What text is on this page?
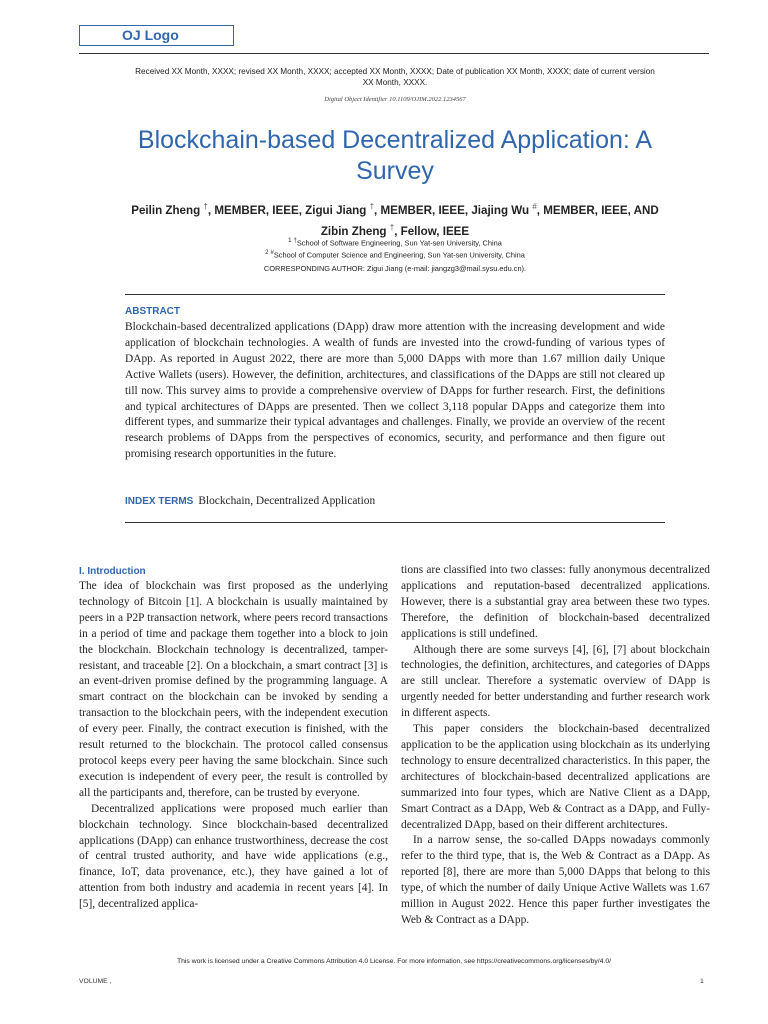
OJ Logo
Received XX Month, XXXX; revised XX Month, XXXX; accepted XX Month, XXXX; Date of publication XX Month, XXXX; date of current version XX Month, XXXX.
Digital Object Identifier 10.1109/OJIM.2022.1234567
Blockchain-based Decentralized Application: A Survey
Peilin Zheng †, MEMBER, IEEE, Zigui Jiang †, MEMBER, IEEE, Jiajing Wu #, MEMBER, IEEE, AND Zibin Zheng †, Fellow, IEEE
$^1$ †School of Software Engineering, Sun Yat-sen University, China
$^2$ #School of Computer Science and Engineering, Sun Yat-sen University, China
CORRESPONDING AUTHOR: Zigui Jiang (e-mail: jiangzg3@mail.sysu.edu.cn).
ABSTRACT
Blockchain-based decentralized applications (DApp) draw more attention with the increasing development and wide application of blockchain technologies. A wealth of funds are invested into the crowd-funding of various types of DApp. As reported in August 2022, there are more than 5,000 DApps with more than 1.67 million daily Unique Active Wallets (users). However, the definition, architectures, and classifications of the DApps are still not cleared up till now. This survey aims to provide a comprehensive overview of DApps for further research. First, the definitions and typical architectures of DApps are presented. Then we collect 3,118 popular DApps and categorize them into different types, and summarize their typical advantages and challenges. Finally, we provide an overview of the recent research problems of DApps from the perspectives of economics, security, and performance and then figure out promising research opportunities in the future.
INDEX TERMS Blockchain, Decentralized Application
I. Introduction

The idea of blockchain was first proposed as the underlying technology of Bitcoin [1]. A blockchain is usually maintained by peers in a P2P transaction network, where peers record transactions in a period of time and package them together into a block to join the blockchain. Blockchain technology is decentralized, tamper-resistant, and traceable [2]. On a blockchain, a smart contract [3] is an event-driven promise defined by the programming language. A smart contract on the blockchain can be invoked by sending a transaction to the blockchain peers, with the independent execution of every peer. Finally, the contract execution is finished, with the result returned to the blockchain. The protocol called consensus protocol keeps every peer having the same blockchain. Since such execution is independent of every peer, the result is controlled by all the participants and, therefore, can be trusted by everyone.

Decentralized applications were proposed much earlier than blockchain technology. Since blockchain-based decentralized applications (DApp) can enhance trustworthiness, decrease the cost of central trusted authority, and have wide applications (e.g., finance, IoT, data provenance, etc.), they have gained a lot of attention from both industry and academia in recent years [4]. In [5], decentralized applica-

tions are classified into two classes: fully anonymous decentralized applications and reputation-based decentralized applications. However, there is a substantial gray area between these two types. Therefore, the definition of blockchain-based decentralized applications is still undefined.

Although there are some surveys [4], [6], [7] about blockchain technologies, the definition, architectures, and categories of DApps are still unclear. Therefore a systematic overview of DApp is urgently needed for better understanding and further research work in different aspects.

This paper considers the blockchain-based decentralized application to be the application using blockchain as its underlying technology to ensure decentralized characteristics. In this paper, the architectures of blockchain-based decentralized applications are summarized into four types, which are Native Client as a DApp, Smart Contract as a DApp, Web & Contract as a DApp, and Fully-decentralized DApp, based on their different architectures.

In a narrow sense, the so-called DApps nowadays commonly refer to the third type, that is, the Web & Contract as a DApp. As reported [8], there are more than 5,000 DApps that belong to this type, of which the number of daily Unique Active Wallets was 1.67 million in August 2022. Hence this paper further investigates the Web & Contract as a DApp.

This work is licensed under a Creative Commons Attribution 4.0 License. For more information, see https://creativecommons.org/licenses/by/4.0/
VOLUME ,	1
